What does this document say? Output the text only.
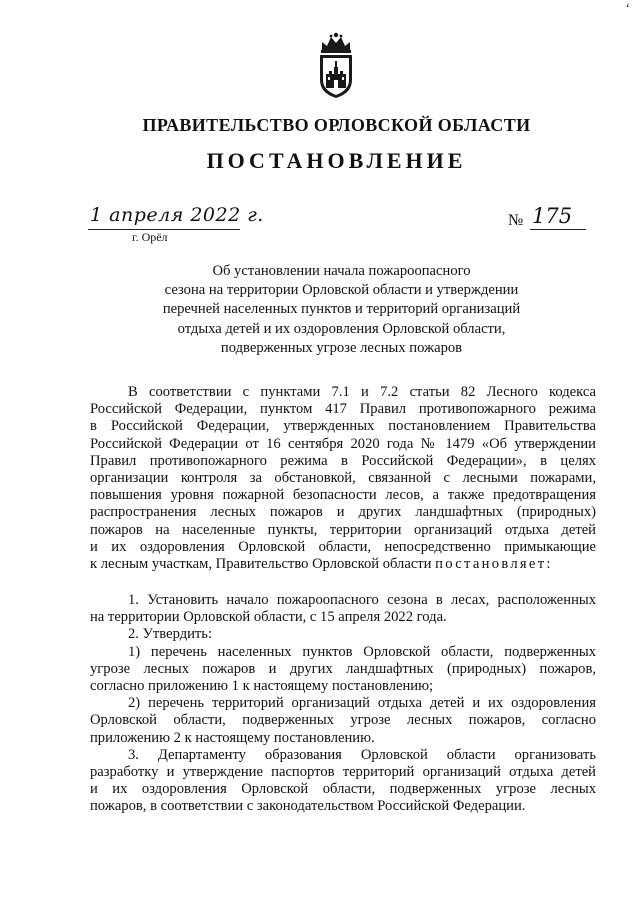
‘
ПРАВИТЕЛЬСТВО ОРЛОВСКОЙ ОБЛАСТИ
ПОСТАНОВЛЕНИЕ
1 апреля 2022 г.
г. Орёл
№ 175
Об установлении начала пожароопасного
сезона на территории Орловской области и утверждении
перечней населенных пунктов и территорий организаций
отдыха детей и их оздоровления Орловской области,
подверженных угрозе лесных пожаров
В соответствии с пунктами 7.1 и 7.2 статьи 82 Лесного кодекса
Российской Федерации, пунктом 417 Правил противопожарного режима
в Российской Федерации, утвержденных постановлением Правительства
Российской Федерации от 16 сентября 2020 года № 1479 «Об утверждении
Правил противопожарного режима в Российской Федерации», в целях
организации контроля за обстановкой, связанной с лесными пожарами,
повышения уровня пожарной безопасности лесов, а также предотвращения
распространения лесных пожаров и других ландшафтных (природных)
пожаров на населенные пункты, территории организаций отдыха детей
и их оздоровления Орловской области, непосредственно примыкающие
к лесным участкам, Правительство Орловской области постановляет:
1. Установить начало пожароопасного сезона в лесах, расположенных
на территории Орловской области, с 15 апреля 2022 года.
2. Утвердить:
1) перечень населенных пунктов Орловской области, подверженных
угрозе лесных пожаров и других ландшафтных (природных) пожаров,
согласно приложению 1 к настоящему постановлению;
2) перечень территорий организаций отдыха детей и их оздоровления
Орловской области, подверженных угрозе лесных пожаров, согласно
приложению 2 к настоящему постановлению.
3. Департаменту образования Орловской области организовать
разработку и утверждение паспортов территорий организаций отдыха детей
и их оздоровления Орловской области, подверженных угрозе лесных
пожаров, в соответствии с законодательством Российской Федерации.
